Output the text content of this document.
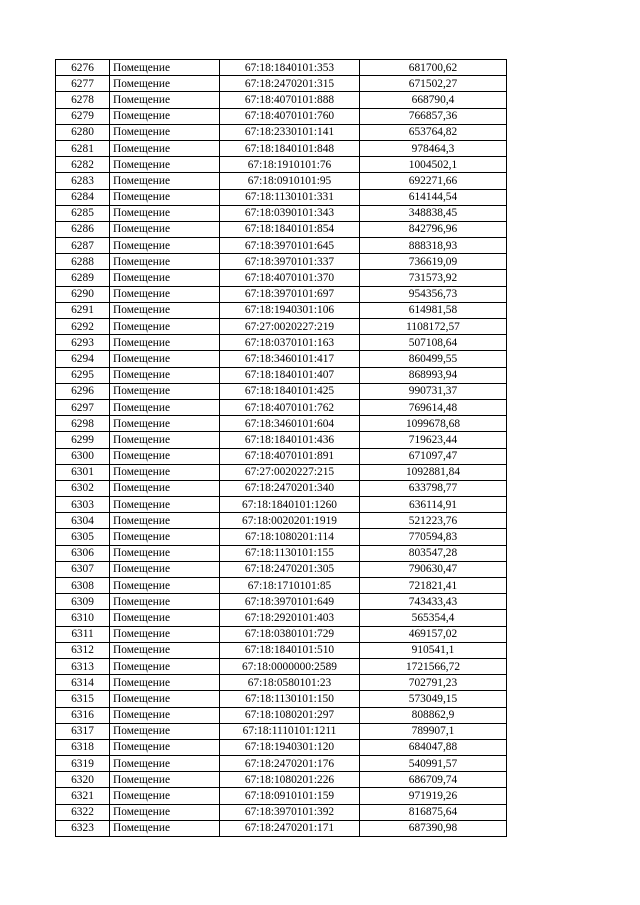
6276	Помещение	67:18:1840101:353	681700,62
6277	Помещение	67:18:2470201:315	671502,27
6278	Помещение	67:18:4070101:888	668790,4
6279	Помещение	67:18:4070101:760	766857,36
6280	Помещение	67:18:2330101:141	653764,82
6281	Помещение	67:18:1840101:848	978464,3
6282	Помещение	67:18:1910101:76	1004502,1
6283	Помещение	67:18:0910101:95	692271,66
6284	Помещение	67:18:1130101:331	614144,54
6285	Помещение	67:18:0390101:343	348838,45
6286	Помещение	67:18:1840101:854	842796,96
6287	Помещение	67:18:3970101:645	888318,93
6288	Помещение	67:18:3970101:337	736619,09
6289	Помещение	67:18:4070101:370	731573,92
6290	Помещение	67:18:3970101:697	954356,73
6291	Помещение	67:18:1940301:106	614981,58
6292	Помещение	67:27:0020227:219	1108172,57
6293	Помещение	67:18:0370101:163	507108,64
6294	Помещение	67:18:3460101:417	860499,55
6295	Помещение	67:18:1840101:407	868993,94
6296	Помещение	67:18:1840101:425	990731,37
6297	Помещение	67:18:4070101:762	769614,48
6298	Помещение	67:18:3460101:604	1099678,68
6299	Помещение	67:18:1840101:436	719623,44
6300	Помещение	67:18:4070101:891	671097,47
6301	Помещение	67:27:0020227:215	1092881,84
6302	Помещение	67:18:2470201:340	633798,77
6303	Помещение	67:18:1840101:1260	636114,91
6304	Помещение	67:18:0020201:1919	521223,76
6305	Помещение	67:18:1080201:114	770594,83
6306	Помещение	67:18:1130101:155	803547,28
6307	Помещение	67:18:2470201:305	790630,47
6308	Помещение	67:18:1710101:85	721821,41
6309	Помещение	67:18:3970101:649	743433,43
6310	Помещение	67:18:2920101:403	565354,4
6311	Помещение	67:18:0380101:729	469157,02
6312	Помещение	67:18:1840101:510	910541,1
6313	Помещение	67:18:0000000:2589	1721566,72
6314	Помещение	67:18:0580101:23	702791,23
6315	Помещение	67:18:1130101:150	573049,15
6316	Помещение	67:18:1080201:297	808862,9
6317	Помещение	67:18:1110101:1211	789907,1
6318	Помещение	67:18:1940301:120	684047,88
6319	Помещение	67:18:2470201:176	540991,57
6320	Помещение	67:18:1080201:226	686709,74
6321	Помещение	67:18:0910101:159	971919,26
6322	Помещение	67:18:3970101:392	816875,64
6323	Помещение	67:18:2470201:171	687390,98
